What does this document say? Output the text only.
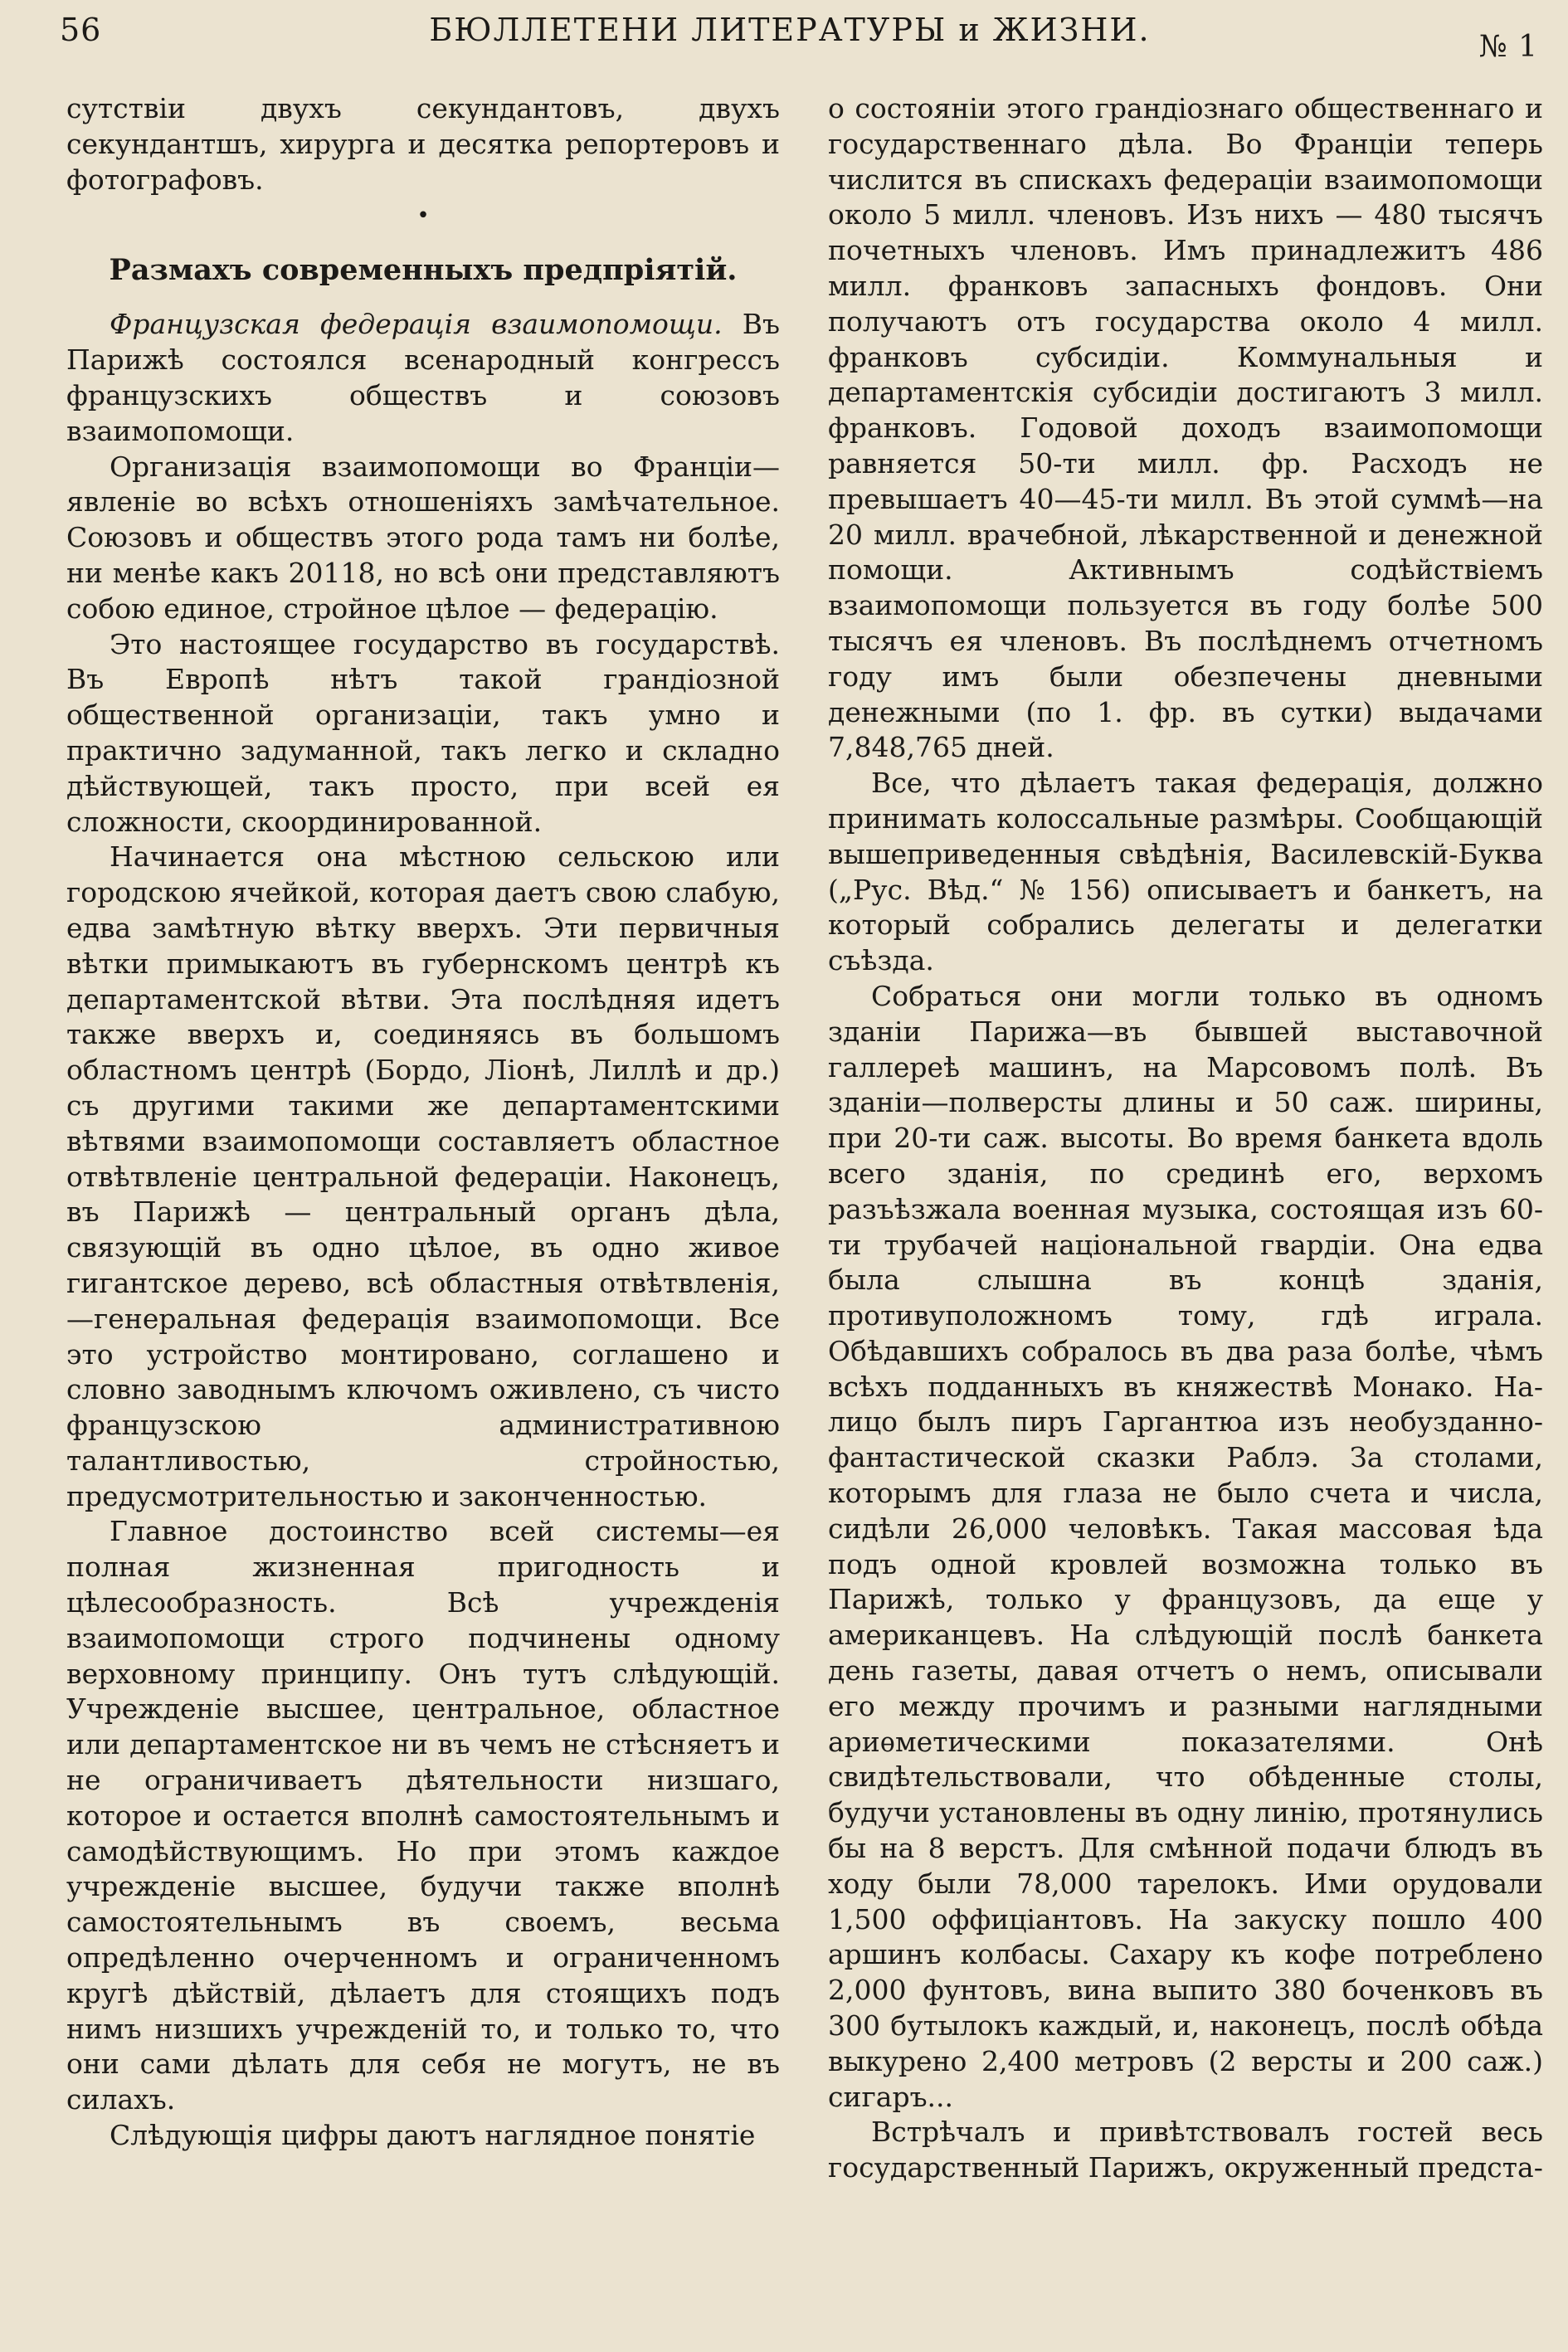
56	БЮЛЛЕТЕНИ ЛИТЕРАТУРЫ и ЖИЗНИ.	№ 1

сутствіи двухъ секундантовъ, двухъ секундантшъ, хирурга и десятка репортеровъ и фотографовъ.

•
Размахъ современныхъ предпріятій.

Французская федерація взаимопомощи. Въ Парижѣ состоялся всенародный конгрессъ французскихъ обществъ и союзовъ взаимопомощи.

Организація взаимопомощи во Франціи—явленіе во всѣхъ отношеніяхъ замѣчательное. Союзовъ и обществъ этого рода тамъ ни болѣе, ни менѣе какъ 20118, но всѣ они представляютъ собою единое, стройное цѣлое — федерацію.

Это настоящее государство въ государствѣ. Въ Европѣ нѣтъ такой грандіозной общественной организаціи, такъ умно и практично задуманной, такъ легко и складно дѣйствующей, такъ просто, при всей ея сложности, скоординированной.

Начинается она мѣстною сельскою или городскою ячейкой, которая даетъ свою слабую, едва замѣтную вѣтку вверхъ. Эти первичныя вѣтки примыкаютъ въ губернскомъ центрѣ къ департаментской вѣтви. Эта послѣдняя идетъ также вверхъ и, соединяясь въ большомъ областномъ центрѣ (Бордо, Ліонѣ, Лиллѣ и др.) съ другими такими же департаментскими вѣтвями взаимопомощи составляетъ областное отвѣтвленіе центральной федераціи. Наконецъ, въ Парижѣ — центральный органъ дѣла, связующій въ одно цѣлое, въ одно живое гигантское дерево, всѣ областныя отвѣтвленія,—генеральная федерація взаимопомощи. Все это устройство монтировано, соглашено и словно заводнымъ ключомъ оживлено, съ чисто французскою административною талантливостью, стройностью, предусмотрительностью и законченностью.

Главное достоинство всей системы—ея полная жизненная пригодность и цѣлесообразность. Всѣ учрежденія взаимопомощи строго подчинены одному верховному принципу. Онъ тутъ слѣдующій. Учрежденіе высшее, центральное, областное или департаментское ни въ чемъ не стѣсняетъ и не ограничиваетъ дѣятельности низшаго, которое и остается вполнѣ самостоятельнымъ и самодѣйствующимъ. Но при этомъ каждое учрежденіе высшее, будучи также вполнѣ самостоятельнымъ въ своемъ, весьма опредѣленно очерченномъ и ограниченномъ кругѣ дѣйствій, дѣлаетъ для стоящихъ подъ нимъ низшихъ учрежденій то, и только то, что они сами дѣлать для себя не могутъ, не въ силахъ.

Слѣдующія цифры даютъ наглядное понятіе

о состояніи этого грандіознаго общественнаго и государственнаго дѣла. Во Франціи теперь числится въ спискахъ федераціи взаимопомощи около 5 милл. членовъ. Изъ нихъ — 480 тысячъ почетныхъ членовъ. Имъ принадлежитъ 486 милл. франковъ запасныхъ фондовъ. Они получаютъ отъ государства около 4 милл. франковъ субсидіи. Коммунальныя и департаментскія субсидіи достигаютъ 3 милл. франковъ. Годовой доходъ взаимопомощи равняется 50-ти милл. фр. Расходъ не превышаетъ 40—45-ти милл. Въ этой суммѣ—на 20 милл. врачебной, лѣкарственной и денежной помощи. Активнымъ содѣйствіемъ взаимопомощи пользуется въ году болѣе 500 тысячъ ея членовъ. Въ послѣднемъ отчетномъ году имъ были обезпечены дневными денежными (по 1. фр. въ сутки) выдачами 7,848,765 дней.

Все, что дѣлаетъ такая федерація, должно принимать колоссальные размѣры. Сообщающій вышеприведенныя свѣдѣнія, Василевскій-Буква („Рус. Вѣд.“ № 156) описываетъ и банкетъ, на который собрались делегаты и делегатки съѣзда.

Собраться они могли только въ одномъ зданіи Парижа—въ бывшей выставочной галлереѣ машинъ, на Марсовомъ полѣ. Въ зданіи—полверсты длины и 50 саж. ширины, при 20-ти саж. высоты. Во время банкета вдоль всего зданія, по срединѣ его, верхомъ разъѣзжала военная музыка, состоящая изъ 60-ти трубачей національной гвардіи. Она едва была слышна въ концѣ зданія, противуположномъ тому, гдѣ играла. Обѣдавшихъ собралось въ два раза болѣе, чѣмъ всѣхъ подданныхъ въ княжествѣ Монако. На-лицо былъ пиръ Гаргантюа изъ необузданно-фантастической сказки Раблэ. За столами, которымъ для глаза не было счета и числа, сидѣли 26,000 человѣкъ. Такая массовая ѣда подъ одной кровлей возможна только въ Парижѣ, только у французовъ, да еще у американцевъ. На слѣдующій послѣ банкета день газеты, давая отчетъ о немъ, описывали его между прочимъ и разными наглядными ариѳметическими показателями. Онѣ свидѣтельствовали, что обѣденные столы, будучи установлены въ одну линію, протянулись бы на 8 верстъ. Для смѣнной подачи блюдъ въ ходу были 78,000 тарелокъ. Ими орудовали 1,500 оффиціантовъ. На закуску пошло 400 аршинъ колбасы. Сахару къ кофе потреблено 2,000 фунтовъ, вина выпито 380 боченковъ въ 300 бутылокъ каждый, и, наконецъ, послѣ обѣда выкурено 2,400 метровъ (2 версты и 200 саж.) сигаръ...

Встрѣчалъ и привѣтствовалъ гостей весь государственный Парижъ, окруженный предста-
